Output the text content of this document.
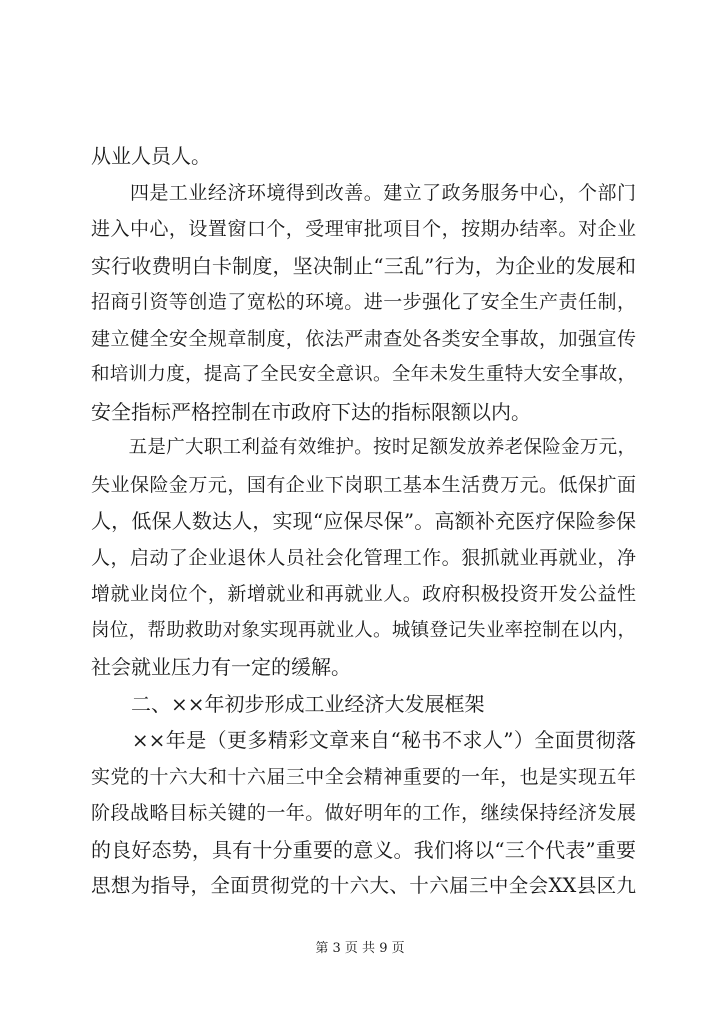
从业人员人。
　　四是工业经济环境得到改善。建立了政务服务中心，个部门
进入中心，设置窗口个，受理审批项目个，按期办结率。对企业
实行收费明白卡制度，坚决制止“三乱”行为，为企业的发展和
招商引资等创造了宽松的环境。进一步强化了安全生产责任制，
建立健全安全规章制度，依法严肃查处各类安全事故，加强宣传
和培训力度，提高了全民安全意识。全年未发生重特大安全事故，
安全指标严格控制在市政府下达的指标限额以内。
　　五是广大职工利益有效维护。按时足额发放养老保险金万元，
失业保险金万元，国有企业下岗职工基本生活费万元。低保扩面
人，低保人数达人，实现“应保尽保”。高额补充医疗保险参保
人，启动了企业退休人员社会化管理工作。狠抓就业再就业，净
增就业岗位个，新增就业和再就业人。政府积极投资开发公益性
岗位，帮助救助对象实现再就业人。城镇登记失业率控制在以内，
社会就业压力有一定的缓解。
　　二、××年初步形成工业经济大发展框架
　　××年是（更多精彩文章来自“秘书不求人”）全面贯彻落
实党的十六大和十六届三中全会精神重要的一年，也是实现五年
阶段战略目标关键的一年。做好明年的工作，继续保持经济发展
的良好态势，具有十分重要的意义。我们将以“三个代表”重要
思想为指导，全面贯彻党的十六大、十六届三中全会XX县区九
第 3 页 共 9 页
